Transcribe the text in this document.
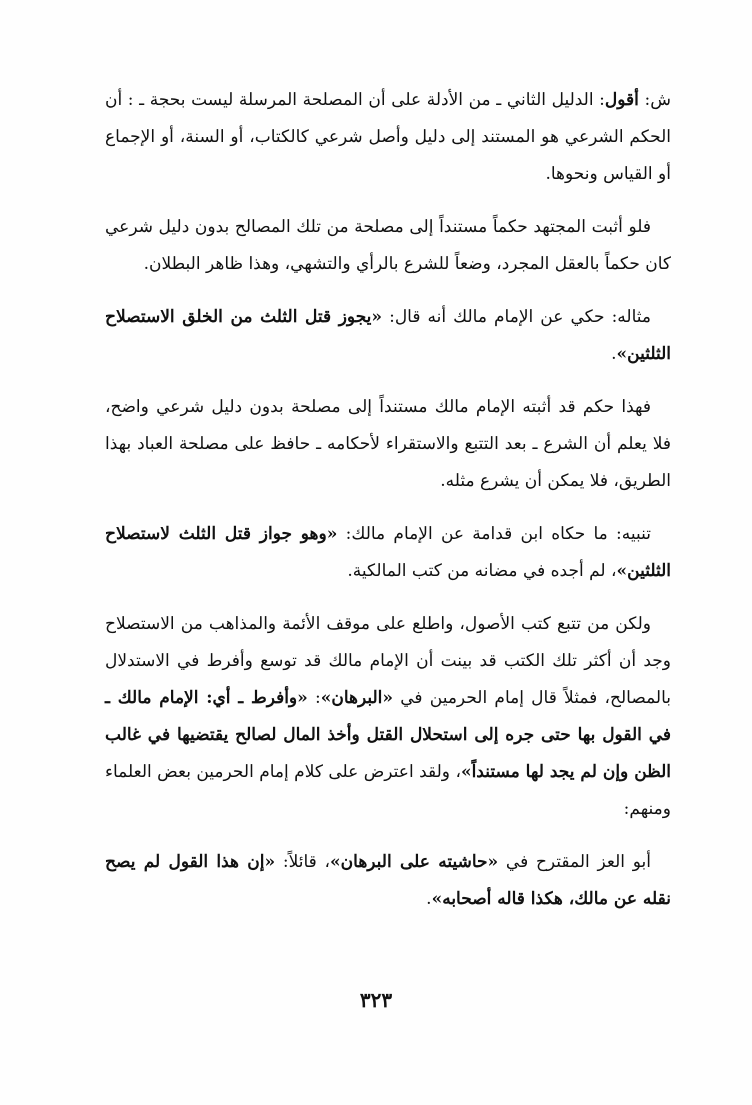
ش: أقول: الدليل الثاني ـ من الأدلة على أن المصلحة المرسلة ليست بحجة ـ : أن الحكم الشرعي هو المستند إلى دليل وأصل شرعي كالكتاب، أو السنة، أو الإجماع أو القياس ونحوها.

فلو أثبت المجتهد حكماً مستنداً إلى مصلحة من تلك المصالح بدون دليل شرعي كان حكماً بالعقل المجرد، وضعاً للشرع بالرأي والتشهي، وهذا ظاهر البطلان.

مثاله: حكي عن الإمام مالك أنه قال: «يجوز قتل الثلث من الخلق الاستصلاح الثلثين».

فهذا حكم قد أثبته الإمام مالك مستنداً إلى مصلحة بدون دليل شرعي واضح، فلا يعلم أن الشرع ـ بعد التتبع والاستقراء لأحكامه ـ حافظ على مصلحة العباد بهذا الطريق، فلا يمكن أن يشرع مثله.

تنبيه: ما حكاه ابن قدامة عن الإمام مالك: «وهو جواز قتل الثلث لاستصلاح الثلثين»، لم أجده في مضانه من كتب المالكية.

ولكن من تتبع كتب الأصول، واطلع على موقف الأئمة والمذاهب من الاستصلاح وجد أن أكثر تلك الكتب قد بينت أن الإمام مالك قد توسع وأفرط في الاستدلال بالمصالح، فمثلاً قال إمام الحرمين في «البرهان»: «وأفرط ـ أي: الإمام مالك ـ في القول بها حتى جره إلى استحلال القتل وأخذ المال لصالح يقتضيها في غالب الظن وإن لم يجد لها مستنداً»، ولقد اعترض على كلام إمام الحرمين بعض العلماء ومنهم:

أبو العز المقترح في «حاشيته على البرهان»، قائلاً: «إن هذا القول لم يصح نقله عن مالك، هكذا قاله أصحابه».

٣٢٣
